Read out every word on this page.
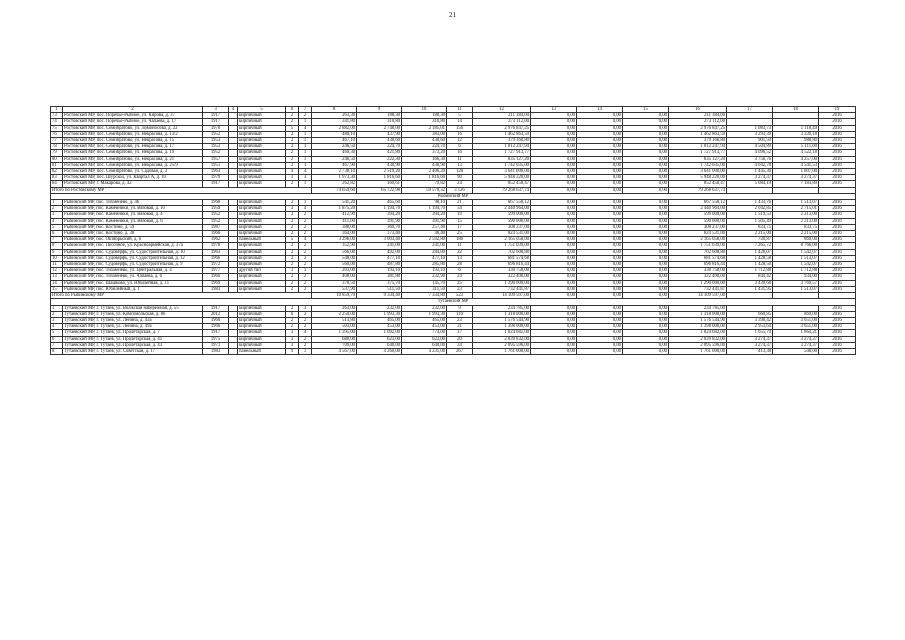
21
1	2	3	4	5	6	7	8	9	10	11	12	13	14	15	16	17	18	19
73	Ростовский МР, пос. Поречье-Рыбное, ул. Кирова, д. 37	1917		кирпичный	2	2	263,30	188,30	188,30	5	211 384,00	0,00	0,00	0,00	211 384,00			2016
74	Ростовский МР, пос. Поречье-Рыбное, ул. Чапаева, д. 17	1917		кирпичный	2	1	341,80	310,80	310,80	14	273 112,00	0,00	0,00	0,00	273 112,00			2016
75	Ростовский МР, пос. Семибратово, ул. Ломоносова, д. 22	1970		кирпичный	5	4	2 882,00	2 748,00	2 185,01	156	2 976 847,25	0,00	0,00	0,00	2 976 847,25	1 083,73	1 118,49	2016
76	Ростовский МР, пос. Семибратово, ул. Некрасова, д. 13/2	1952		кирпичный	2	1	480,10	437,90	383,00	16	1 462 863,59	0,00	0,00	0,00	1 462 863,59	3 293,39	3 339,18	2016
77	Ростовский МР, пос. Семибратово, ул. Некрасова, д. 15	1953		кирпичный	2	1	467,10	430,60	430,60	12	379 168,80	0,00	0,00	0,00	379 168,80	901,50	988,80	2016
78	Ростовский МР, пос. Семибратово, ул. Некрасова, д. 17	1953		кирпичный	2	1	246,50	224,70	224,70	6	1 012 247,94	0,00	0,00	0,00	1 012 247,94	4 504,89	5 111,00	2016
79	Ростовский МР, пос. Семибратово, ул. Некрасова, д. 19	1952		кирпичный	2	1	460,30	421,80	373,20	16	1 727 913,77	0,00	0,00	0,00	1 727 913,77	4 096,52	4 522,18	2016
80	Ростовский МР, пос. Семибратово, ул. Некрасова, д. 21	1957		кирпичный	2	1	246,50	222,30	166,30	11	835 127,20	0,00	0,00	0,00	835 127,20	3 756,76	4 257,00	2016
81	Ростовский МР, пос. Семибратово, ул. Некрасова, д. 25/9	1951		кирпичный	2	1	467,90	430,90	430,90	13	1 742 035,00	0,00	0,00	0,00	1 742 035,00	4 042,78	4 541,53	2016
82	Ростовский МР, пос. Семибратово, ул. Садовая, д. 3	1963		кирпичный	4	4	2 738,10	2 519,20	2 406,20	128	3 641 000,00	0,00	0,00	0,00	3 641 000,00	1 445,30	1 807,00	2016
83	Ростовский МР, пос. Шурскол, ул. Квартал А, д. 10	1979		кирпичный	3	3	1 973,30	1 816,60	1 816,60	90	5 948 220,00	0,00	0,00	0,00	5 948 220,00	3 274,37	3 274,37	2016
84	Ростовский МР, г. Макарова, д. 42	1917		кирпичный	2	1	262,82	169,61	79,82	24	852 458,47	0,00	0,00	0,00	852 458,47	5 084,19	7 183,89	2016
Итого по Ростовскому МР							74 659,60	65 722,98	59 570,32	3 126	79 268 637,74	0,00	0,00	0,00	79 268 637,74			
Рыбинский МР																		
1	Рыбинский МР, пос. Тихменево, д. 46	1968		кирпичный	2	1	541,20	465,60	98,10	21	667 558,12	0,00	0,00	0,00	667 558,12	1 433,76	1 513,07	2016
2	Рыбинский МР, пос. Каменники, ул. Вязовая, д. 10	1959		кирпичный	3	4	1 875,20	1 194,70	1 194,70	54	2 440 964,00	0,00	0,00	0,00	2 440 964,00	2 042,85	2 715,01	2016
3	Рыбинский МР, пос. Каменники, ул. Вязовая, д. 4	1952		кирпичный	2	2	412,90	394,20	394,20	19	599 000,00	0,00	0,00	0,00	599 000,00	1 519,53	2 213,00	2016
4	Рыбинский МР, пос. Каменники, ул. Вязовая, д. 6	1952		кирпичный	2	2	411,00	391,90	391,90	15	590 000,00	0,00	0,00	0,00	590 000,00	1 505,49	2 213,00	2016
5	Рыбинский МР, пос. Костино, д. 59	1987		кирпичный	2	2	388,00	369,70	257,40	17	308 237,00	0,00	0,00	0,00	308 237,00	833,75	833,75	2016
6	Рыбинский МР, пос. Костино, д. 38	1966		кирпичный	2	2	364,00	373,40	46,40	25	824 531,00	0,00	0,00	0,00	824 531,00	2 215,00	2 215,00	2016
7	Рыбинский МР, пос. Октябрьский, д. 6	1962		панельный	5	4	3 296,00	3 003,40	2 592,80	186	2 165 058,00	0,00	0,00	0,00	2 165 058,00	720,87	869,00	2016
8	Рыбинский МР, пос. Песочное, ул. Красноармейская, д. 37а	1978		кирпичный	2	2	352,90	241,00	241,00	11	1 751 039,00	0,00	0,00	0,00	1 751 039,00	7 265,72	8 766,00	2016
9	Рыбинский МР, пос. Судоверфь, ул. Судостроительная, д. 10	1963		кирпичный	2	2	566,00	492,00	284,00	22	702 608,88	0,00	0,00	0,00	702 608,88	1 428,07	1 542,07	2016
10	Рыбинский МР, пос. Судоверфь, ул. Судостроительная, д. 12	1966		кирпичный	2	2	548,00	477,10	477,10	13	681 574,68	0,00	0,00	0,00	681 574,68	1 428,58	1 513,07	2016
11	Рыбинский МР, пос. Судоверфь, ул. Судостроительная, д. 9	1972		кирпичный	2	2	560,00	487,80	285,80	28	696 816,44	0,00	0,00	0,00	696 816,44	1 428,50	1 542,07	2016
12	Рыбинский МР, пос. Тихменево, ул. Центральная, д. 4	1977		другой тип	1	1	203,00	193,10	193,10	6	330 758,00	0,00	0,00	0,00	330 758,00	1 712,88	1 712,88	2016
13	Рыбинский МР, пос. Тихменево, ул. Чапаева, д. 6	1966		кирпичный	2	2	408,00	381,80	232,90	24	322 400,00	0,00	0,00	0,00	322 400,00	844,42	934,00	2016
14	Рыбинский МР, пос. Шашково, ул. Юбилейная, д. 11	1969		кирпичный	2	2	378,50	375,70	145,70	25	1 290 000,00	0,00	0,00	0,00	1 290 000,00	3 439,68	3 769,57	2016
15	Рыбинский МР, пос. Юбилейный, д. 1	1983		кирпичный	2	2	537,90	511,50	311,50	23	732 441,87	0,00	0,00	0,00	732 441,87	1 431,95	1 513,07	2016
Итого по Рыбинскому МР							10 859,70	9 334,40	7 334,80	523	14 109 597,00	0,00	0,00	0,00	14 109 597,00			
Тутаевский МР																		
1	Тутаевский МР, г. Тутаев, ул. Волжская набережная, д. 55	1917		кирпичный	2	3	263,00	232,00	232,00	9	234 785,00	0,00	0,00	0,00	234 785,00			2016
2	Тутаевский МР, г. Тутаев, ул. Комсомольская, д. 86	2012		кирпичный	6	2	2 250,00	1 993,30	1 993,30	110	1 318 000,00	0,00	0,00	0,00	1 318 000,00	660,85	869,00	2016
3	Тутаевский МР, г. Тутаев, ул. Ленина, д. 43а	1966		кирпичный	2	2	513,80	465,00	465,00	23	1 576 544,90	0,00	0,00	0,00	1 576 544,90	3 390,42	3 651,00	2016
4	Тутаевский МР, г. Тутаев, ул. Ленина, д. 49а	1966		кирпичный	2	2	503,00	453,00	453,00	31	1 398 000,00	0,00	0,00	0,00	1 398 000,00	2 953,64	3 651,00	2016
5	Тутаевский МР, г. Тутаев, ул. Пролетарская, д. 7	1917		кирпичный	3	4	1 395,00	1 092,00	774,00	37	1 824 682,00	0,00	0,00	0,00	1 824 682,00	1 655,79	1 864,21	2016
6	Тутаевский МР, г. Тутаев, ул. Пролетарская, д. 41	1975		кирпичный	3	2	680,00	623,00	623,00	20	2 039 832,00	0,00	0,00	0,00	2 039 832,00	3 274,37	3 274,37	2016
7	Тутаевский МР, г. Тутаев, ул. Пролетарская, д. 43	1971		кирпичный	3	2	709,00	640,00	640,00	34	2 095 596,00	0,00	0,00	0,00	2 095 596,00	3 274,37	3 274,37	2016
8	Тутаевский МР, г. Тутаев, ул. Советская, д. 17	1983		панельный	9	1	4 567,00	4 260,00	4 231,00	267	1 761 000,00	0,00	0,00	0,00	1 761 000,00	413,38	548,00	2016
